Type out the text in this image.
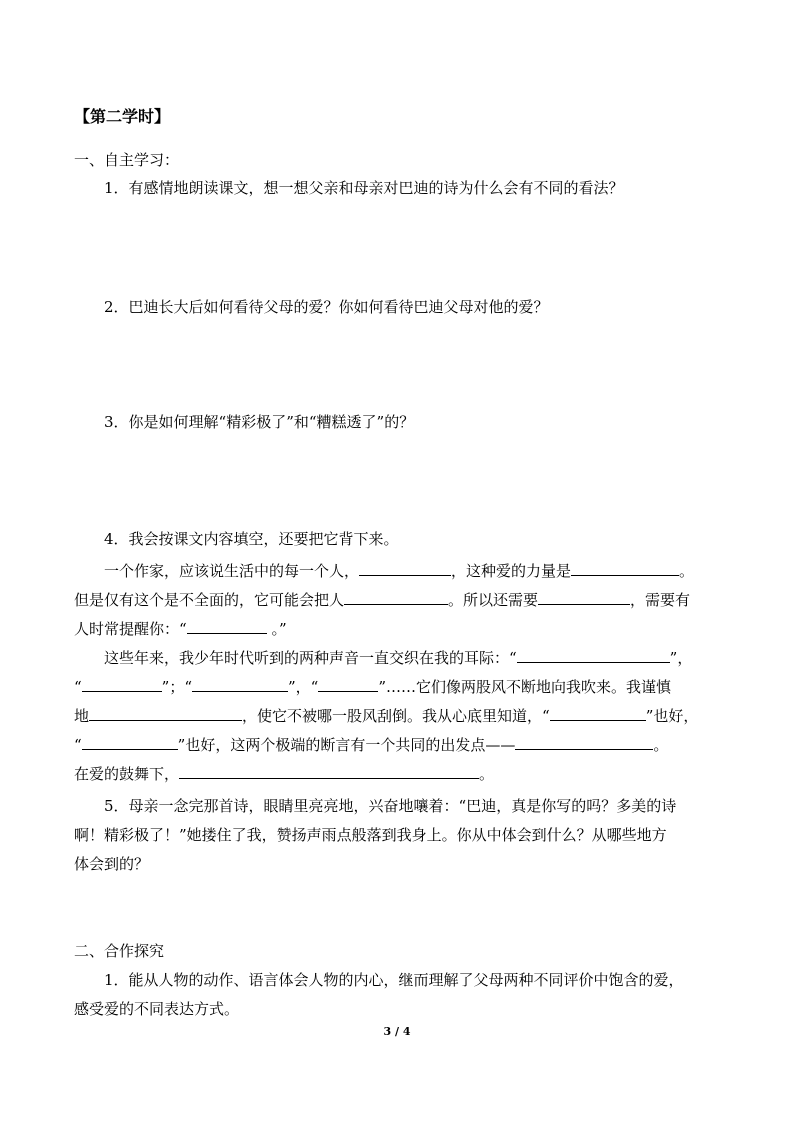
【第二学时】
一、自主学习：
1．有感情地朗读课文，想一想父亲和母亲对巴迪的诗为什么会有不同的看法？
2．巴迪长大后如何看待父母的爱？你如何看待巴迪父母对他的爱？
3．你是如何理解“精彩极了”和“糟糕透了”的？
4．我会按课文内容填空，还要把它背下来。
一个作家，应该说生活中的每一个人，	，这种爱的力量是	。
但是仅有这个是不全面的，它可能会把人	。所以还需要	，需要有
人时常提醒你：“	。”
这些年来，我少年时代听到的两种声音一直交织在我的耳际：“	”，
“	”；“	”，“	”……它们像两股风不断地向我吹来。我谨慎
地	，使它不被哪一股风刮倒。我从心底里知道，“	”也好，
“	”也好，这两个极端的断言有一个共同的出发点——	。
在爱的鼓舞下，	。
5．母亲一念完那首诗，眼睛里亮亮地，兴奋地嚷着：“巴迪，真是你写的吗？多美的诗
啊！精彩极了！”她搂住了我，赞扬声雨点般落到我身上。你从中体会到什么？从哪些地方
体会到的？
二、合作探究
1．能从人物的动作、语言体会人物的内心，继而理解了父母两种不同评价中饱含的爱，
感受爱的不同表达方式。
3 / 4
